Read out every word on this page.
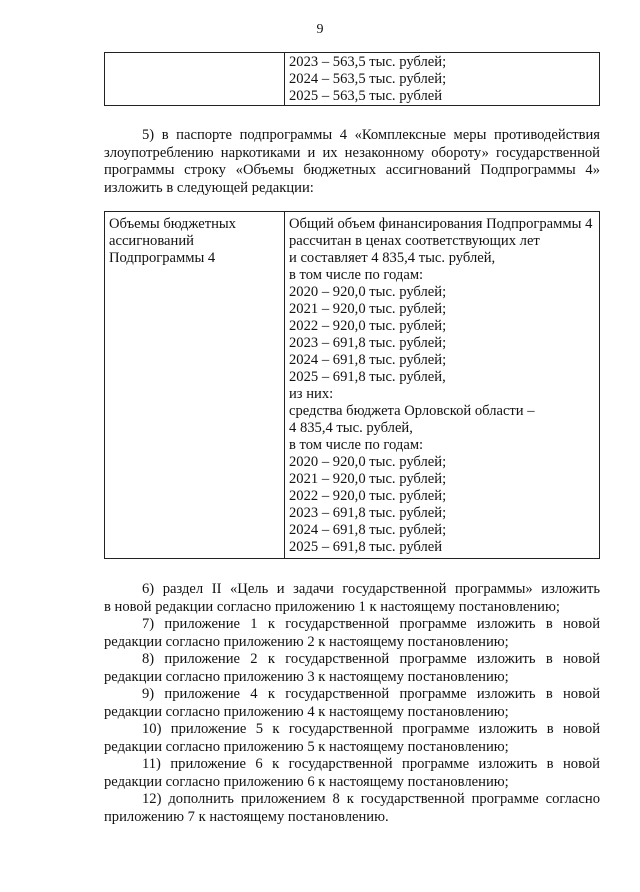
9

2023 – 563,5 тыс. рублей;
2024 – 563,5 тыс. рублей;
2025 – 563,5 тыс. рублей
5) в паспорте подпрограммы 4 «Комплексные меры противодействия
злоупотреблению наркотиками и их незаконному обороту» государственной
программы строку «Объемы бюджетных ассигнований Подпрограммы 4»
изложить в следующей редакции:
Объемы бюджетных
ассигнований
Подпрограммы 4

Общий объем финансирования Подпрограммы 4
рассчитан в ценах соответствующих лет
и составляет 4 835,4 тыс. рублей,
в том числе по годам:
2020 – 920,0 тыс. рублей;
2021 – 920,0 тыс. рублей;
2022 – 920,0 тыс. рублей;
2023 – 691,8 тыс. рублей;
2024 – 691,8 тыс. рублей;
2025 – 691,8 тыс. рублей,
из них:
средства бюджета Орловской области –
4 835,4 тыс. рублей,
в том числе по годам:
2020 – 920,0 тыс. рублей;
2021 – 920,0 тыс. рублей;
2022 – 920,0 тыс. рублей;
2023 – 691,8 тыс. рублей;
2024 – 691,8 тыс. рублей;
2025 – 691,8 тыс. рублей
6) раздел II «Цель и задачи государственной программы» изложить
в новой редакции согласно приложению 1 к настоящему постановлению;
7) приложение 1 к государственной программе изложить в новой
редакции согласно приложению 2 к настоящему постановлению;
8) приложение 2 к государственной программе изложить в новой
редакции согласно приложению 3 к настоящему постановлению;
9) приложение 4 к государственной программе изложить в новой
редакции согласно приложению 4 к настоящему постановлению;
10) приложение 5 к государственной программе изложить в новой
редакции согласно приложению 5 к настоящему постановлению;
11) приложение 6 к государственной программе изложить в новой
редакции согласно приложению 6 к настоящему постановлению;
12) дополнить приложением 8 к государственной программе согласно
приложению 7 к настоящему постановлению.
